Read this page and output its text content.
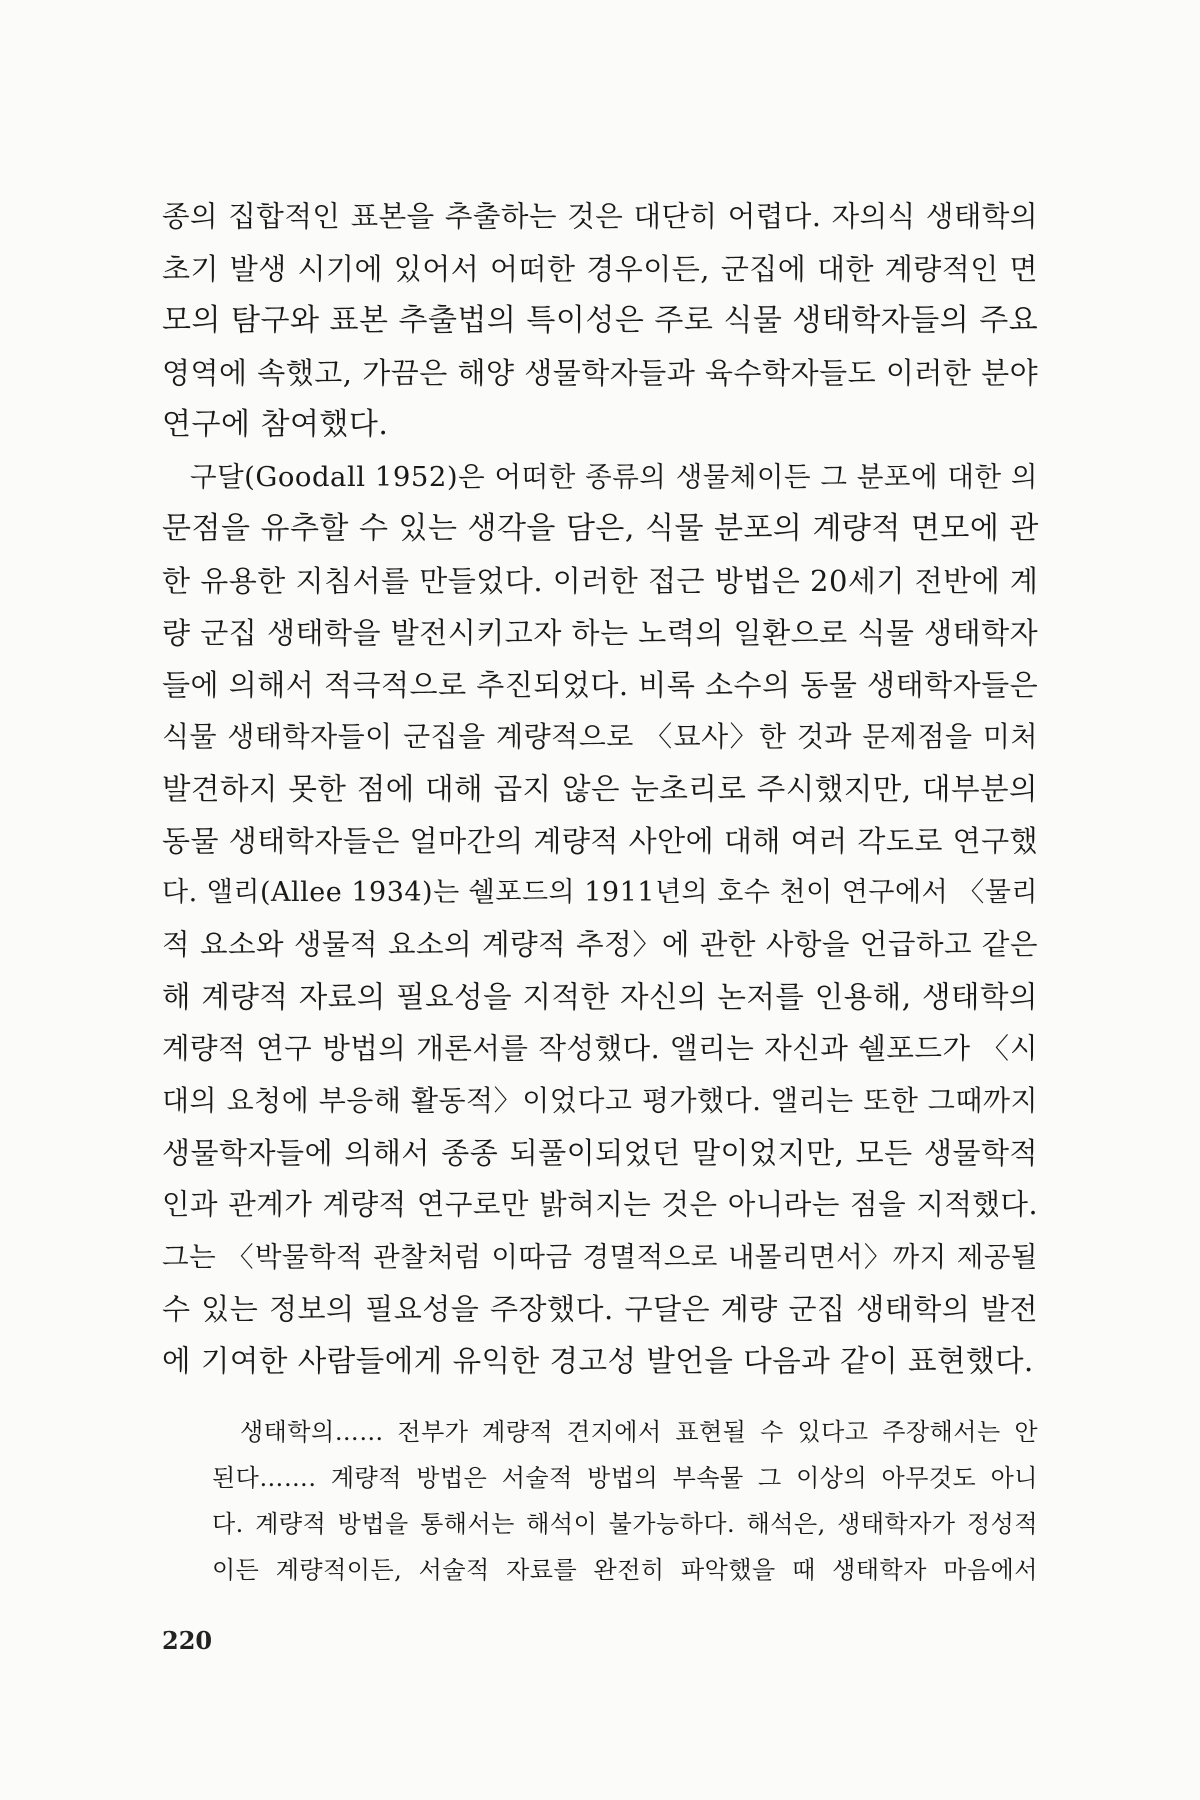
종의 집합적인 표본을 추출하는 것은 대단히 어렵다. 자의식 생태학의
초기 발생 시기에 있어서 어떠한 경우이든, 군집에 대한 계량적인 면
모의 탐구와 표본 추출법의 특이성은 주로 식물 생태학자들의 주요
영역에 속했고, 가끔은 해양 생물학자들과 육수학자들도 이러한 분야
연구에 참여했다.
구달(Goodall 1952)은 어떠한 종류의 생물체이든 그 분포에 대한 의
문점을 유추할 수 있는 생각을 담은, 식물 분포의 계량적 면모에 관
한 유용한 지침서를 만들었다. 이러한 접근 방법은 20세기 전반에 계
량 군집 생태학을 발전시키고자 하는 노력의 일환으로 식물 생태학자
들에 의해서 적극적으로 추진되었다. 비록 소수의 동물 생태학자들은
식물 생태학자들이 군집을 계량적으로 〈묘사〉한 것과 문제점을 미처
발견하지 못한 점에 대해 곱지 않은 눈초리로 주시했지만, 대부분의
동물 생태학자들은 얼마간의 계량적 사안에 대해 여러 각도로 연구했
다. 앨리(Allee 1934)는 쉘포드의 1911년의 호수 천이 연구에서 〈물리
적 요소와 생물적 요소의 계량적 추정〉에 관한 사항을 언급하고 같은
해 계량적 자료의 필요성을 지적한 자신의 논저를 인용해, 생태학의
계량적 연구 방법의 개론서를 작성했다. 앨리는 자신과 쉘포드가 〈시
대의 요청에 부응해 활동적〉이었다고 평가했다. 앨리는 또한 그때까지
생물학자들에 의해서 종종 되풀이되었던 말이었지만, 모든 생물학적
인과 관계가 계량적 연구로만 밝혀지는 것은 아니라는 점을 지적했다.
그는 〈박물학적 관찰처럼 이따금 경멸적으로 내몰리면서〉까지 제공될
수 있는 정보의 필요성을 주장했다. 구달은 계량 군집 생태학의 발전
에 기여한 사람들에게 유익한 경고성 발언을 다음과 같이 표현했다.
생태학의…… 전부가 계량적 견지에서 표현될 수 있다고 주장해서는 안
된다……. 계량적 방법은 서술적 방법의 부속물 그 이상의 아무것도 아니
다. 계량적 방법을 통해서는 해석이 불가능하다. 해석은, 생태학자가 정성적
이든 계량적이든, 서술적 자료를 완전히 파악했을 때 생태학자 마음에서
220
